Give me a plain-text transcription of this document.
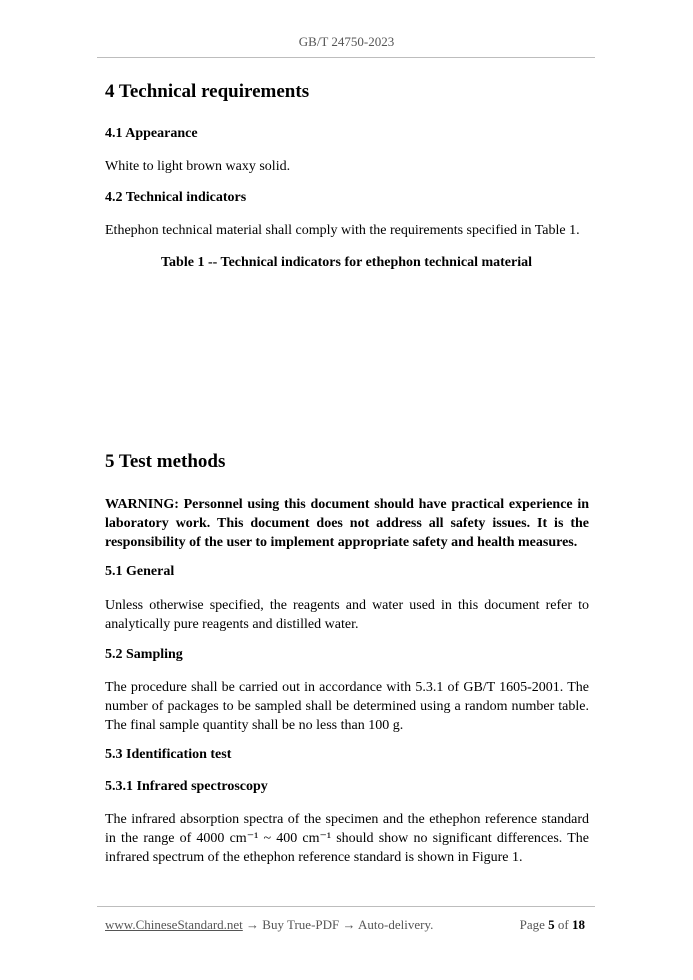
GB/T 24750-2023
4 Technical requirements
4.1 Appearance
White to light brown waxy solid.
4.2 Technical indicators
Ethephon technical material shall comply with the requirements specified in Table 1.
Table 1 -- Technical indicators for ethephon technical material
5 Test methods
WARNING: Personnel using this document should have practical experience in laboratory work. This document does not address all safety issues. It is the responsibility of the user to implement appropriate safety and health measures.
5.1 General
Unless otherwise specified, the reagents and water used in this document refer to analytically pure reagents and distilled water.
5.2 Sampling
The procedure shall be carried out in accordance with 5.3.1 of GB/T 1605-2001. The number of packages to be sampled shall be determined using a random number table. The final sample quantity shall be no less than 100 g.
5.3 Identification test
5.3.1 Infrared spectroscopy
The infrared absorption spectra of the specimen and the ethephon reference standard in the range of 4000 cm⁻¹ ~ 400 cm⁻¹ should show no significant differences. The infrared spectrum of the ethephon reference standard is shown in Figure 1.
www.ChineseStandard.net → Buy True-PDF → Auto-delivery.	Page 5 of 18
